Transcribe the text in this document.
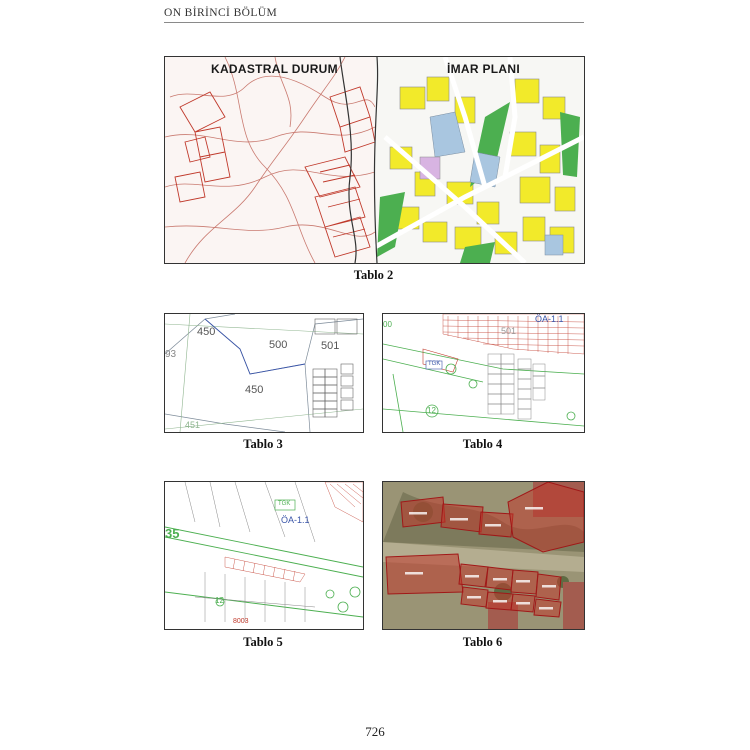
ON BİRİNCİ BÖLÜM
KADASTRAL DURUM	İMAR PLANI
Tablo 2
450
500	501
450
93
451
Tablo 3
ÖA-1.1
00
501
TGK
12
Tablo 4
ÖA-1.1
35
TGK
12
8003
Tablo 5	Tablo 6
726
